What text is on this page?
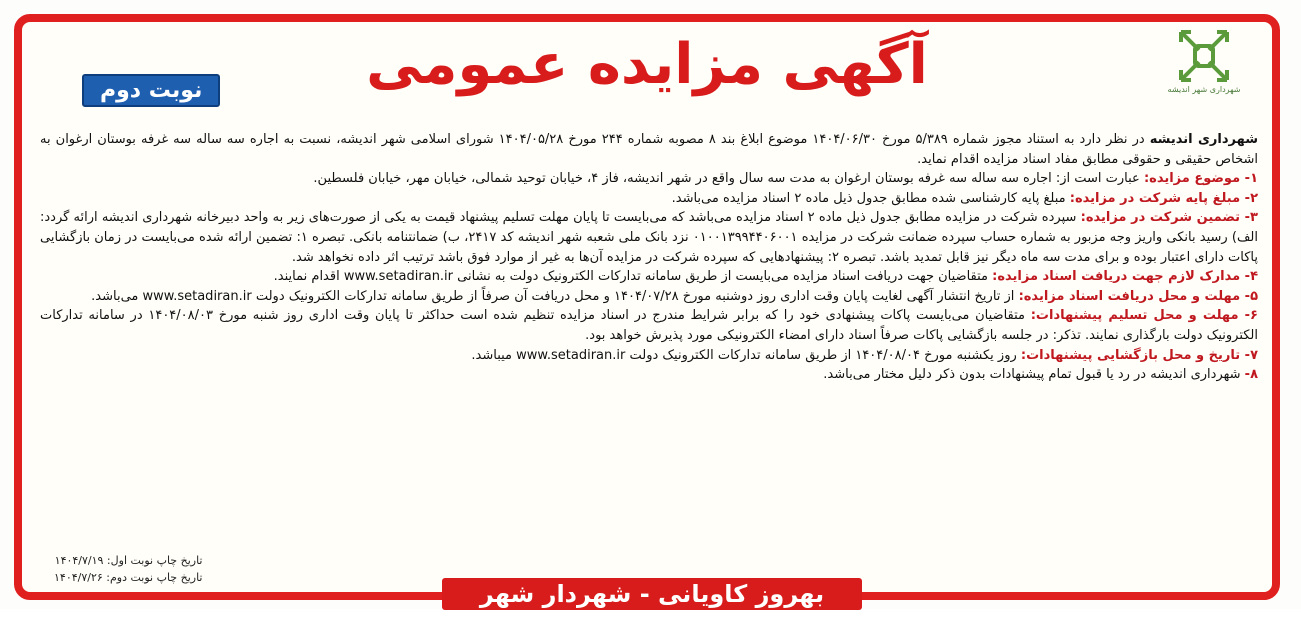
شهرداری شهر اندیشه
آگهی مزایده عمومی
نوبت دوم

شهرداری اندیشه در نظر دارد به استناد مجوز شماره ۵/۳۸۹ مورخ ۱۴۰۴/۰۶/۳۰ موضوع ابلاغ بند ۸ مصوبه شماره ۲۴۴ مورخ ۱۴۰۴/۰۵/۲۸ شورای اسلامی شهر اندیشه، نسبت به اجاره سه ساله سه غرفه بوستان ارغوان به اشخاص حقیقی و حقوقی مطابق مفاد اسناد مزایده اقدام نماید.

۱- موضوع مزایده: عبارت است از: اجاره سه ساله سه غرفه بوستان ارغوان به مدت سه سال واقع در شهر اندیشه، فاز ۴، خیابان توحید شمالی، خیابان مهر، خیابان فلسطین.

۲- مبلغ پایه شرکت در مزایده: مبلغ پایه کارشناسی شده مطابق جدول ذیل ماده ۲ اسناد مزایده می‌باشد.

۳- تضمین شرکت در مزایده: سپرده شرکت در مزایده مطابق جدول ذیل ماده ۲ اسناد مزایده می‌باشد که می‌بایست تا پایان مهلت تسلیم پیشنهاد قیمت به یکی از صورت‌های زیر به واحد دبیرخانه شهرداری اندیشه ارائه گردد: الف) رسید بانکی واریز وجه مزبور به شماره حساب سپرده ضمانت شرکت در مزایده ۰۱۰۰۱۳۹۹۴۴۰۶۰۰۱ نزد بانک ملی شعبه شهر اندیشه کد ۲۴۱۷، ب) ضمانتنامه بانکی. تبصره ۱: تضمین ارائه شده می‌بایست در زمان بازگشایی پاکات دارای اعتبار بوده و برای مدت سه ماه دیگر نیز قابل تمدید باشد. تبصره ۲: پیشنهادهایی که سپرده شرکت در مزایده آن‌ها به غیر از موارد فوق باشد ترتیب اثر داده نخواهد شد.

۴- مدارک لازم جهت دریافت اسناد مزایده: متقاضیان جهت دریافت اسناد مزایده می‌بایست از طریق سامانه تدارکات الکترونیک دولت به نشانی www.setadiran.ir اقدام نمایند.

۵- مهلت و محل دریافت اسناد مزایده: از تاریخ انتشار آگهی لغایت پایان وقت اداری روز دوشنبه مورخ ۱۴۰۴/۰۷/۲۸ و محل دریافت آن صرفاً از طریق سامانه تدارکات الکترونیک دولت www.setadiran.ir می‌باشد.

۶- مهلت و محل تسلیم پیشنهادات: متقاضیان می‌بایست پاکات پیشنهادی خود را که برابر شرایط مندرج در اسناد مزایده تنظیم شده است حداکثر تا پایان وقت اداری روز شنبه مورخ ۱۴۰۴/۰۸/۰۳ در سامانه تدارکات الکترونیک دولت بارگذاری نمایند. تذکر: در جلسه بازگشایی پاکات صرفاً اسناد دارای امضاء الکترونیکی مورد پذیرش خواهد بود.

۷- تاریخ و محل بازگشایی پیشنهادات: روز یکشنبه مورخ ۱۴۰۴/۰۸/۰۴ از طریق سامانه تدارکات الکترونیک دولت www.setadiran.ir میباشد.

۸- شهرداری اندیشه در رد یا قبول تمام پیشنهادات بدون ذکر دلیل مختار می‌باشد.

تاریخ چاپ نوبت اول: ۱۴۰۴/۷/۱۹
تاریخ چاپ نوبت دوم: ۱۴۰۴/۷/۲۶
بهروز کاویانی - شهردار شهر اندیشه
